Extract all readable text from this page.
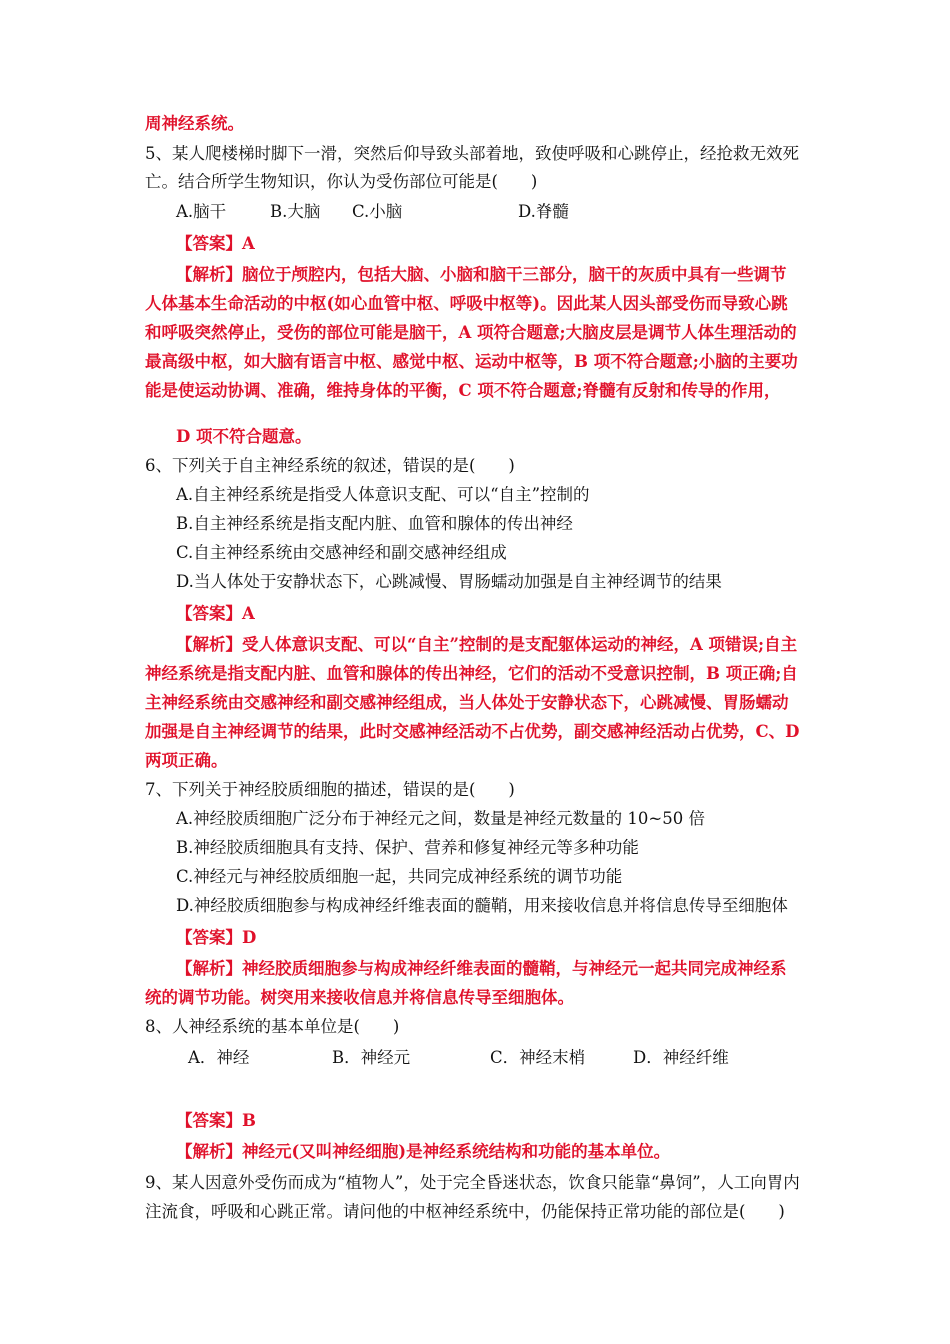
周神经系统。
5、某人爬楼梯时脚下一滑，突然后仰导致头部着地，致使呼吸和心跳停止，经抢救无效死
亡。结合所学生物知识，你认为受伤部位可能是(　　)
A.脑干	B.大脑 C.小脑	D.脊髓
【答案】A
【解析】脑位于颅腔内，包括大脑、小脑和脑干三部分，脑干的灰质中具有一些调节
人体基本生命活动的中枢(如心血管中枢、呼吸中枢等)。因此某人因头部受伤而导致心跳
和呼吸突然停止，受伤的部位可能是脑干，A 项符合题意;大脑皮层是调节人体生理活动的
最高级中枢，如大脑有语言中枢、感觉中枢、运动中枢等，B 项不符合题意;小脑的主要功
能是使运动协调、准确，维持身体的平衡，C 项不符合题意;脊髓有反射和传导的作用，
D 项不符合题意。
6、下列关于自主神经系统的叙述，错误的是(　　)
A.自主神经系统是指受人体意识支配、可以“自主”控制的
B.自主神经系统是指支配内脏、血管和腺体的传出神经
C.自主神经系统由交感神经和副交感神经组成
D.当人体处于安静状态下，心跳减慢、胃肠蠕动加强是自主神经调节的结果
【答案】A
【解析】受人体意识支配、可以“自主”控制的是支配躯体运动的神经，A 项错误;自主
神经系统是指支配内脏、血管和腺体的传出神经，它们的活动不受意识控制，B 项正确;自
主神经系统由交感神经和副交感神经组成，当人体处于安静状态下，心跳减慢、胃肠蠕动
加强是自主神经调节的结果，此时交感神经活动不占优势，副交感神经活动占优势，C、D
两项正确。
7、下列关于神经胶质细胞的描述，错误的是(　　)
A.神经胶质细胞广泛分布于神经元之间，数量是神经元数量的 10~50 倍
B.神经胶质细胞具有支持、保护、营养和修复神经元等多种功能
C.神经元与神经胶质细胞一起，共同完成神经系统的调节功能
D.神经胶质细胞参与构成神经纤维表面的髓鞘，用来接收信息并将信息传导至细胞体
【答案】D
【解析】神经胶质细胞参与构成神经纤维表面的髓鞘，与神经元一起共同完成神经系
统的调节功能。树突用来接收信息并将信息传导至细胞体。
8、人神经系统的基本单位是(　　)
A．神经	B．神经元	C．神经末梢	D．神经纤维
【答案】B
【解析】神经元(又叫神经细胞)是神经系统结构和功能的基本单位。
9、某人因意外受伤而成为“植物人”，处于完全昏迷状态，饮食只能靠“鼻饲”，人工向胃内
注流食，呼吸和心跳正常。请问他的中枢神经系统中，仍能保持正常功能的部位是(　　)
